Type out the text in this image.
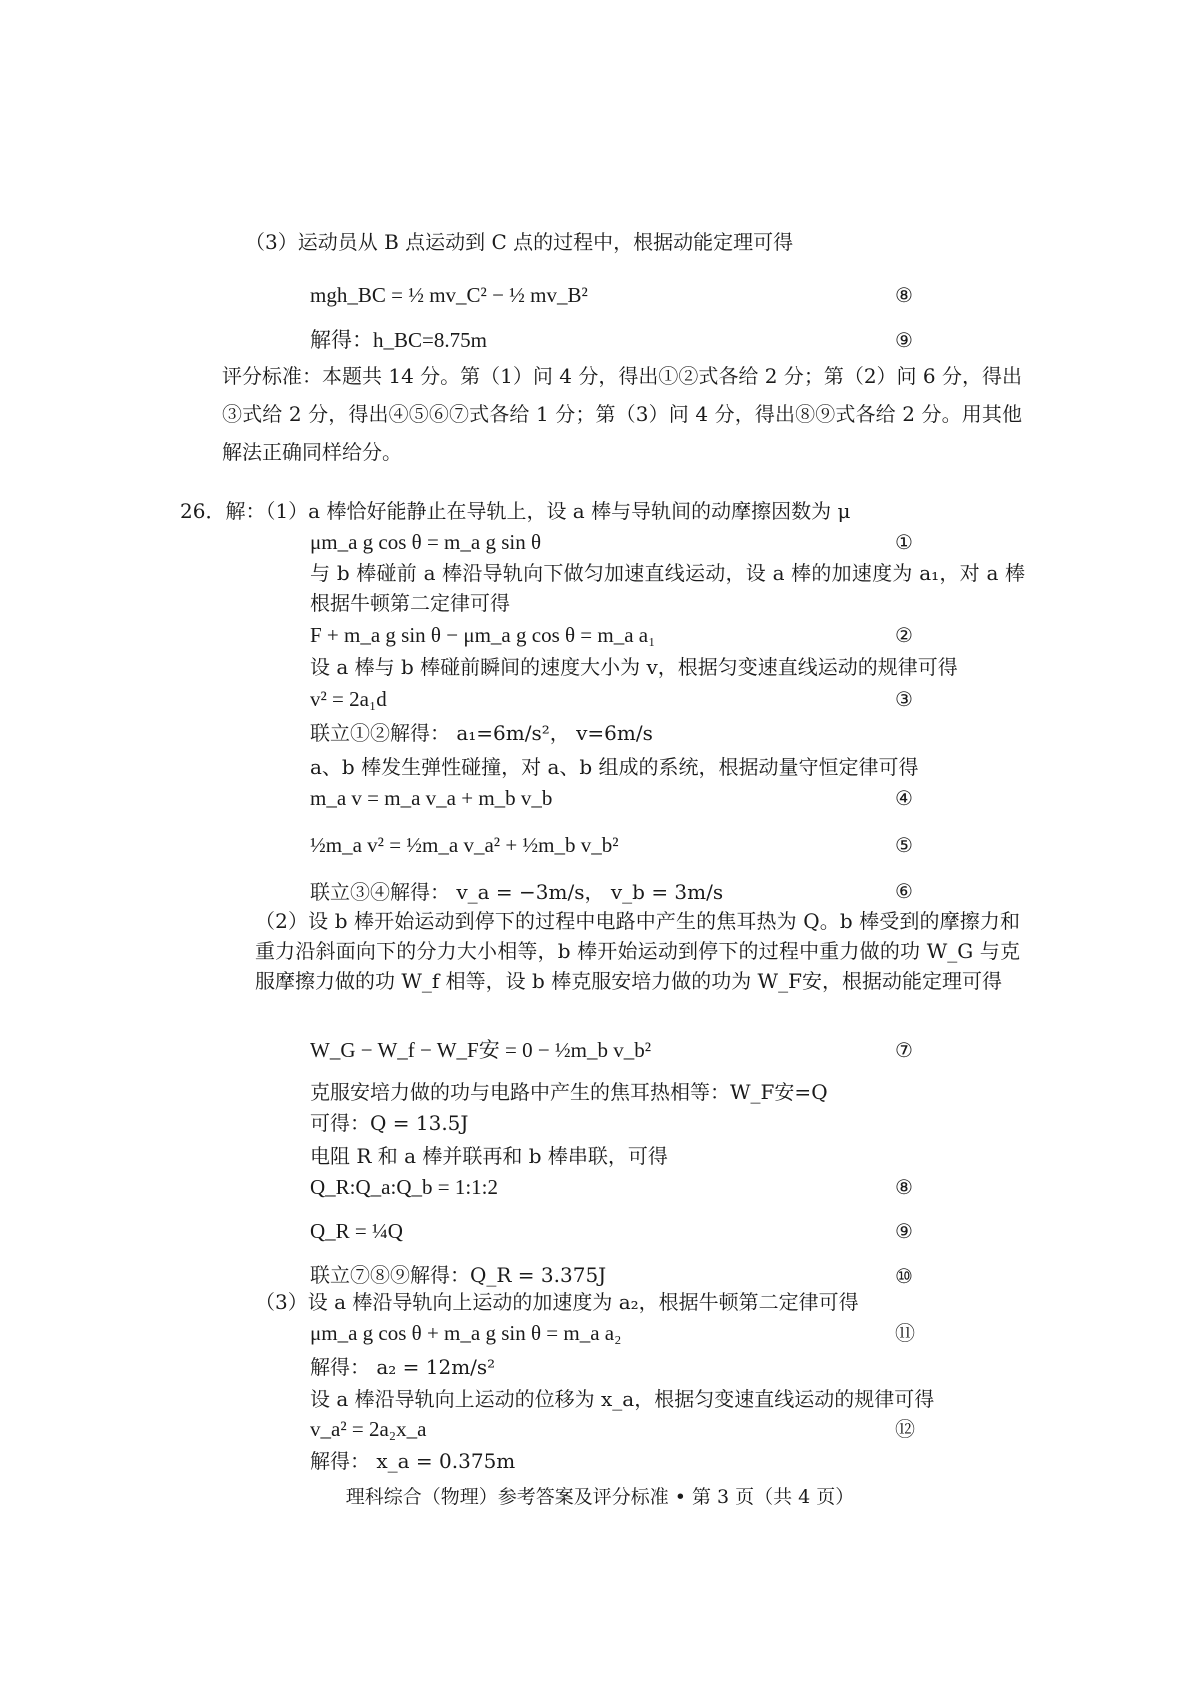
（3）运动员从 B 点运动到 C 点的过程中，根据动能定理可得
mgh_BC = ½ mv_C² − ½ mv_B²	⑧
解得：h_BC=8.75m	⑨
评分标准：本题共 14 分。第（1）问 4 分，得出①②式各给 2 分；第（2）问 6 分，得出③式给 2 分，得出④⑤⑥⑦式各给 1 分；第（3）问 4 分，得出⑧⑨式各给 2 分。用其他解法正确同样给分。
26．解：（1）a 棒恰好能静止在导轨上，设 a 棒与导轨间的动摩擦因数为 μ
μm_a g cos θ = m_a g sin θ	①
与 b 棒碰前 a 棒沿导轨向下做匀加速直线运动，设 a 棒的加速度为 a₁，对 a 棒根据牛顿第二定律可得
F + m_a g sin θ − μm_a g cos θ = m_a a₁	②
设 a 棒与 b 棒碰前瞬间的速度大小为 v，根据匀变速直线运动的规律可得
v² = 2a₁d	③
联立①②解得： a₁=6m/s²， v=6m/s
a、b 棒发生弹性碰撞，对 a、b 组成的系统，根据动量守恒定律可得
m_a v = m_a v_a + m_b v_b	④
½m_a v² = ½m_a v_a² + ½m_b v_b²	⑤
联立③④解得： v_a = −3m/s， v_b = 3m/s	⑥
（2）设 b 棒开始运动到停下的过程中电路中产生的焦耳热为 Q。b 棒受到的摩擦力和重力沿斜面向下的分力大小相等，b 棒开始运动到停下的过程中重力做的功 W_G 与克服摩擦力做的功 W_f 相等，设 b 棒克服安培力做的功为 W_F安，根据动能定理可得
W_G − W_f − W_F安 = 0 − ½m_b v_b²	⑦
克服安培力做的功与电路中产生的焦耳热相等：W_F安=Q
可得：Q = 13.5J
电阻 R 和 a 棒并联再和 b 棒串联，可得
Q_R:Q_a:Q_b = 1:1:2	⑧
Q_R = ¼Q	⑨
联立⑦⑧⑨解得：Q_R = 3.375J	⑩
（3）设 a 棒沿导轨向上运动的加速度为 a₂，根据牛顿第二定律可得
μm_a g cos θ + m_a g sin θ = m_a a₂	⑪
解得： a₂ = 12m/s²
设 a 棒沿导轨向上运动的位移为 x_a，根据匀变速直线运动的规律可得
v_a² = 2a₂x_a	⑫
解得： x_a = 0.375m
理科综合（物理）参考答案及评分标准 • 第 3 页（共 4 页）
